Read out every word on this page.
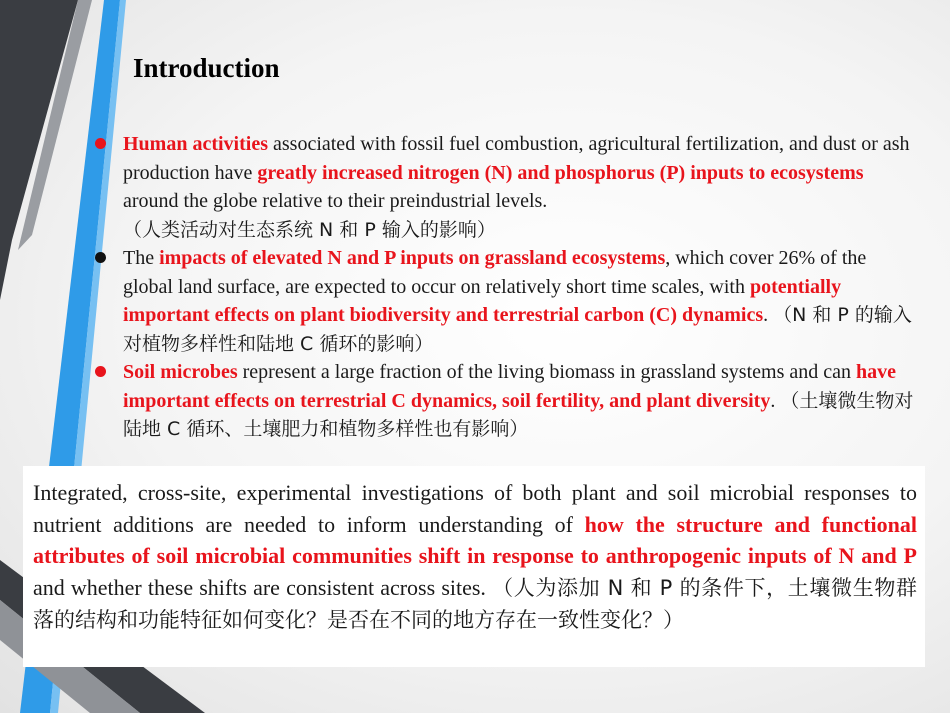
Introduction
Human activities associated with fossil fuel combustion, agricultural fertilization, and dust or ash production have greatly increased nitrogen (N) and phosphorus (P) inputs to ecosystems around the globe relative to their preindustrial levels.（人类活动对生态系统 N 和 P 输入的影响）
The impacts of elevated N and P inputs on grassland ecosystems, which cover 26% of the global land surface, are expected to occur on relatively short time scales, with potentially important effects on plant biodiversity and terrestrial carbon (C) dynamics. （N 和 P 的输入对植物多样性和陆地 C 循环的影响）
Soil microbes represent a large fraction of the living biomass in grassland systems and can have important effects on terrestrial C dynamics, soil fertility, and plant diversity. （土壤微生物对陆地 C 循环、土壤肥力和植物多样性也有影响）
Integrated, cross-site, experimental investigations of both plant and soil microbial responses to nutrient additions are needed to inform understanding of how the structure and functional attributes of soil microbial communities shift in response to anthropogenic inputs of N and P and whether these shifts are consistent across sites. （人为添加 N 和 P 的条件下，土壤微生物群落的结构和功能特征如何变化？是否在不同的地方存在一致性变化？）
